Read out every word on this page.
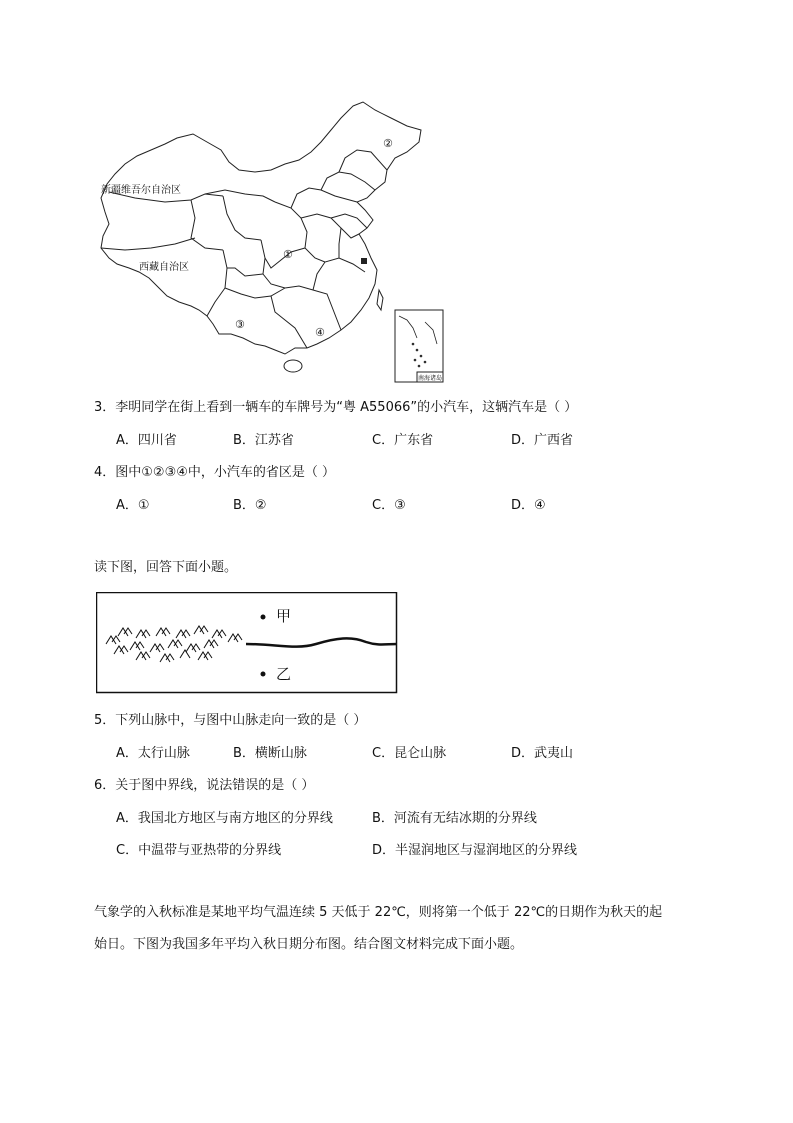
南海诸岛
新疆维吾尔自治区
西藏自治区
①
②
③
④
3．李明同学在街上看到一辆车的车牌号为“粤 A55066”的小汽车，这辆汽车是（ ）
A．四川省	B．江苏省	C．广东省	D．广西省
4．图中①②③④中，小汽车的省区是（ ）
A．①	B．②	C．③	D．④
读下图，回答下面小题。
甲
乙
5．下列山脉中，与图中山脉走向一致的是（ ）
A．太行山脉	B．横断山脉	C．昆仑山脉	D．武夷山
6．关于图中界线，说法错误的是（ ）
A．我国北方地区与南方地区的分界线	B．河流有无结冰期的分界线
C．中温带与亚热带的分界线	D．半湿润地区与湿润地区的分界线
气象学的入秋标准是某地平均气温连续 5 天低于 22℃，则将第一个低于 22℃的日期作为秋天的起
始日。下图为我国多年平均入秋日期分布图。结合图文材料完成下面小题。
